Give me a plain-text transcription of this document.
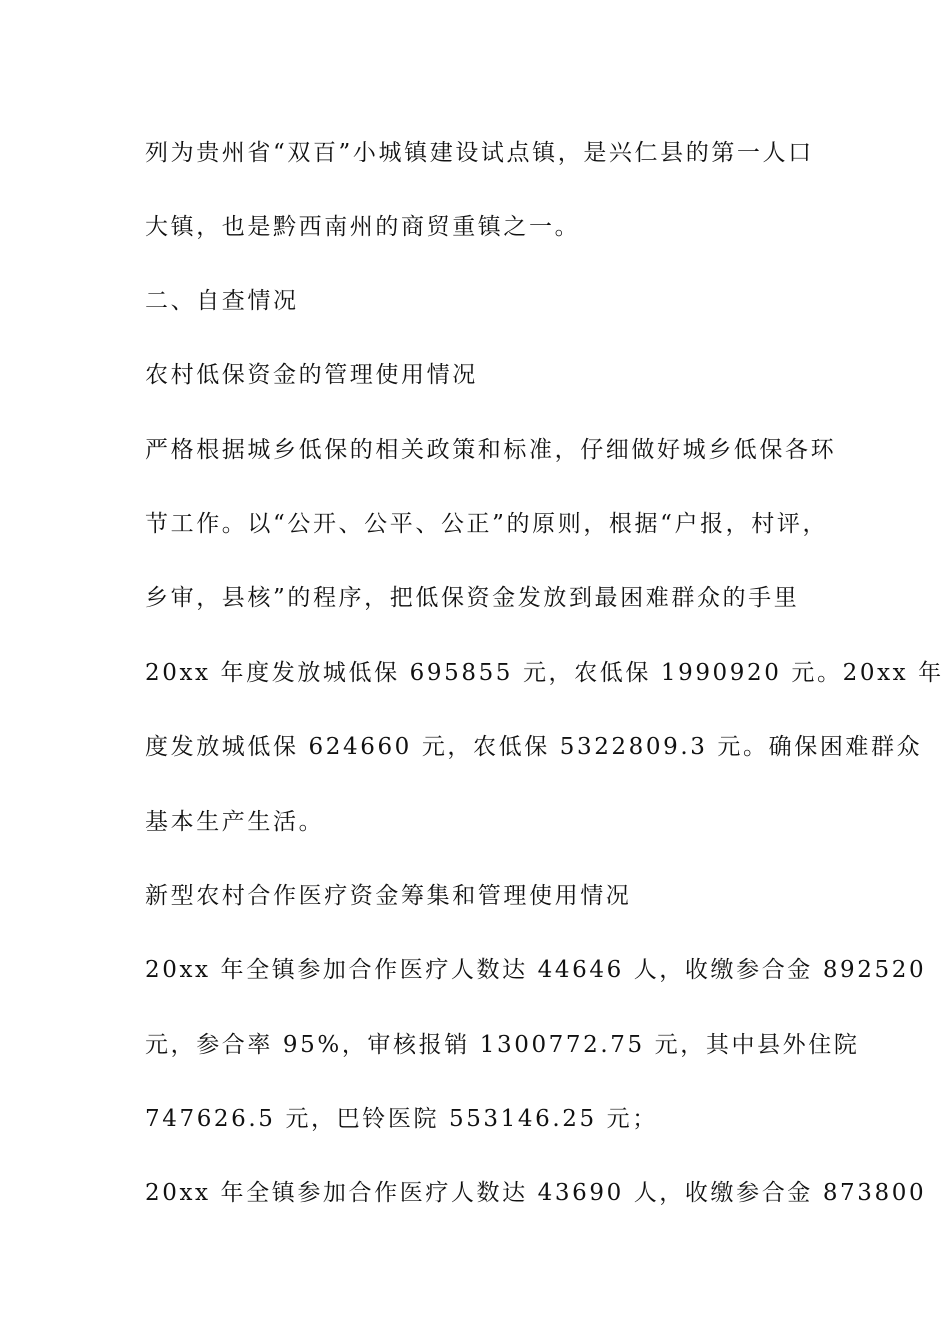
列为贵州省“双百”小城镇建设试点镇，是兴仁县的第一人口
大镇，也是黔西南州的商贸重镇之一。
二、自查情况
农村低保资金的管理使用情况
严格根据城乡低保的相关政策和标准，仔细做好城乡低保各环
节工作。以“公开、公平、公正”的原则，根据“户报，村评，
乡审，县核”的程序，把低保资金发放到最困难群众的手里
20xx 年度发放城低保 695855 元，农低保 1990920 元。20xx 年
度发放城低保 624660 元，农低保 5322809.3 元。确保困难群众
基本生产生活。
新型农村合作医疗资金筹集和管理使用情况
20xx 年全镇参加合作医疗人数达 44646 人，收缴参合金 892520
元，参合率 95%，审核报销 1300772.75 元，其中县外住院
747626.5 元，巴铃医院 553146.25 元；
20xx 年全镇参加合作医疗人数达 43690 人，收缴参合金 873800
